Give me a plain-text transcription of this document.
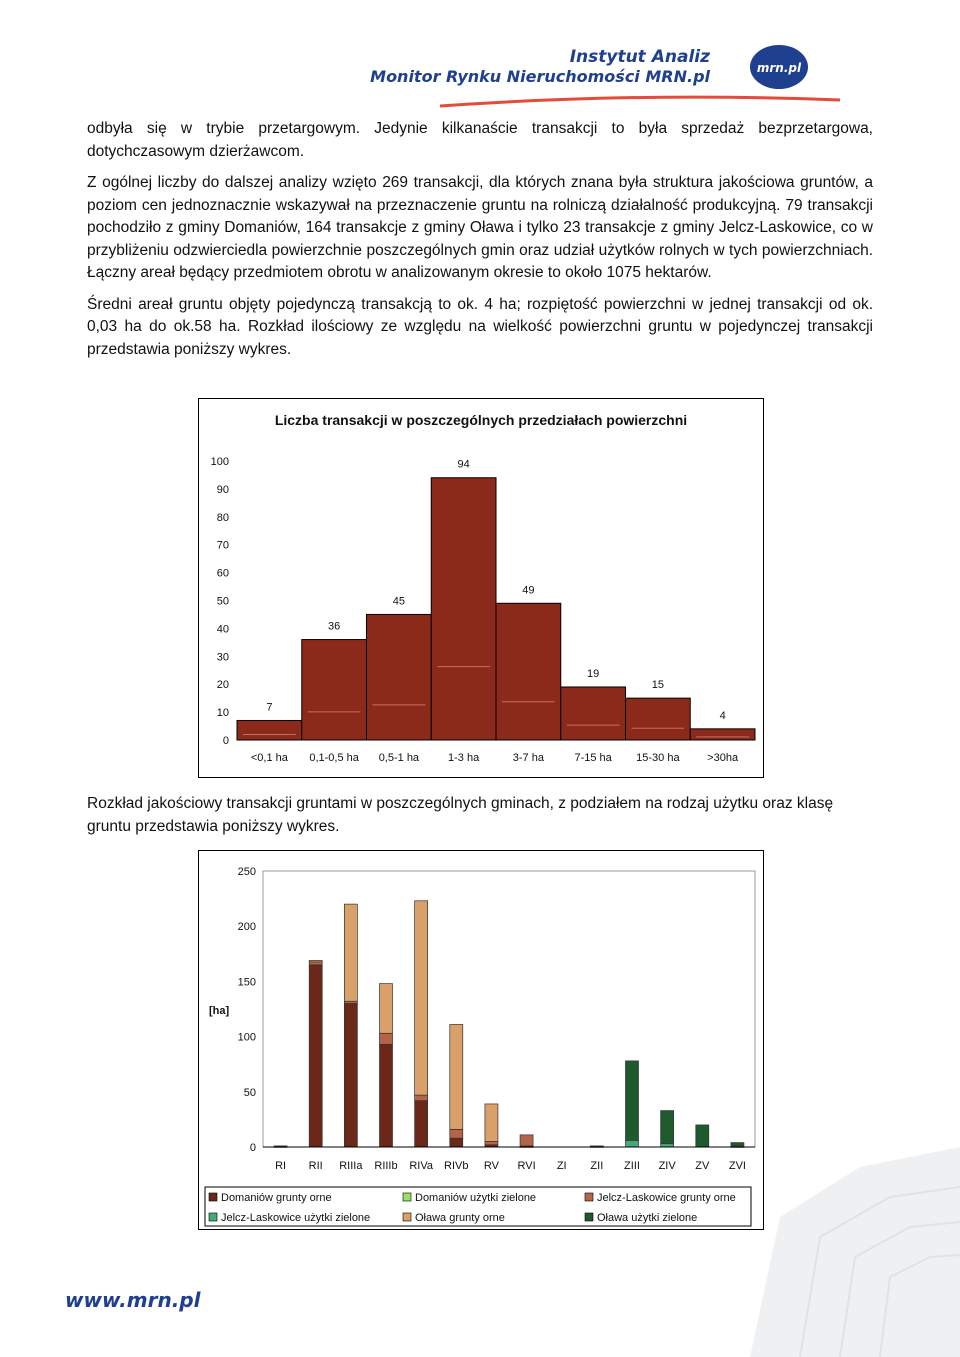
Instytut Analiz
Monitor Rynku Nieruchomości MRN.pl	mrn.pl

odbyła się w trybie przetargowym. Jedynie kilkanaście transakcji to była sprzedaż bezprzetargowa, dotychczasowym dzierżawcom.

Z ogólnej liczby do dalszej analizy wzięto 269 transakcji, dla których znana była struktura jakościowa gruntów, a poziom cen jednoznacznie wskazywał na przeznaczenie gruntu na rolniczą działalność produkcyjną. 79 transakcji pochodziło z gminy Domaniów, 164 transakcje z gminy Oława i tylko 23 transakcje z gminy Jelcz-Laskowice, co w przybliżeniu odzwierciedla powierzchnie poszczególnych gmin oraz udział użytków rolnych w tych powierzchniach. Łączny areał będący przedmiotem obrotu w analizowanym okresie to około 1075 hektarów.

Średni areał gruntu objęty pojedynczą transakcją to ok. 4 ha; rozpiętość powierzchni w jednej transakcji od ok. 0,03 ha do ok.58 ha. Rozkład ilościowy ze względu na wielkość powierzchni gruntu w pojedynczej transakcji przedstawia poniższy wykres.

Liczba transakcji w poszczególnych przedziałach powierzchni
0
10
20
30
40
50
60
70
80
90
100
7
<0,1 ha
36
0,1-0,5 ha
45
0,5-1 ha
94
1-3 ha
49
3-7 ha
19
7-15 ha
15
15-30 ha
4
>30ha
Rozkład jakościowy transakcji gruntami w poszczególnych gminach, z podziałem na rodzaj użytku oraz klasę gruntu przedstawia poniższy wykres.
0
50
100
150
200
250
[ha]
RI RII RIIIa RIIIb RIVa RIVb RV RVI ZI ZII ZIII ZIV ZV ZVI
Domaniów grunty orne	Domaniów użytki zielone	Jelcz-Laskowice grunty orne
Jelcz-Laskowice użytki zielone	Oława grunty orne	Oława użytki zielone
www.mrn.pl
